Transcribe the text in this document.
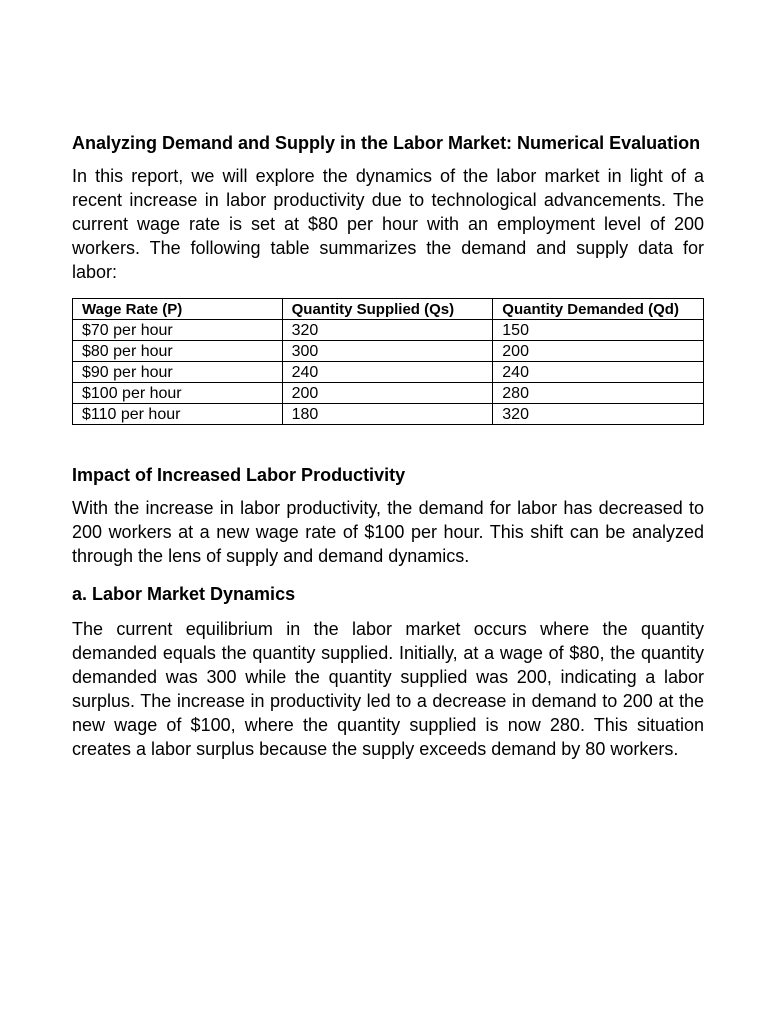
Analyzing Demand and Supply in the Labor Market: Numerical Evaluation

In this report, we will explore the dynamics of the labor market in light of a recent increase in labor productivity due to technological advancements. The current wage rate is set at $80 per hour with an employment level of 200 workers. The following table summarizes the demand and supply data for labor:

Wage Rate (P)	Quantity Supplied (Qs)	Quantity Demanded (Qd)
$70 per hour	320	150
$80 per hour	300	200
$90 per hour	240	240
$100 per hour	200	280
$110 per hour	180	320
Impact of Increased Labor Productivity

With the increase in labor productivity, the demand for labor has decreased to 200 workers at a new wage rate of $100 per hour. This shift can be analyzed through the lens of supply and demand dynamics.

a. Labor Market Dynamics

The current equilibrium in the labor market occurs where the quantity demanded equals the quantity supplied. Initially, at a wage of $80, the quantity demanded was 300 while the quantity supplied was 200, indicating a labor surplus. The increase in productivity led to a decrease in demand to 200 at the new wage of $100, where the quantity supplied is now 280. This situation creates a labor surplus because the supply exceeds demand by 80 workers.
